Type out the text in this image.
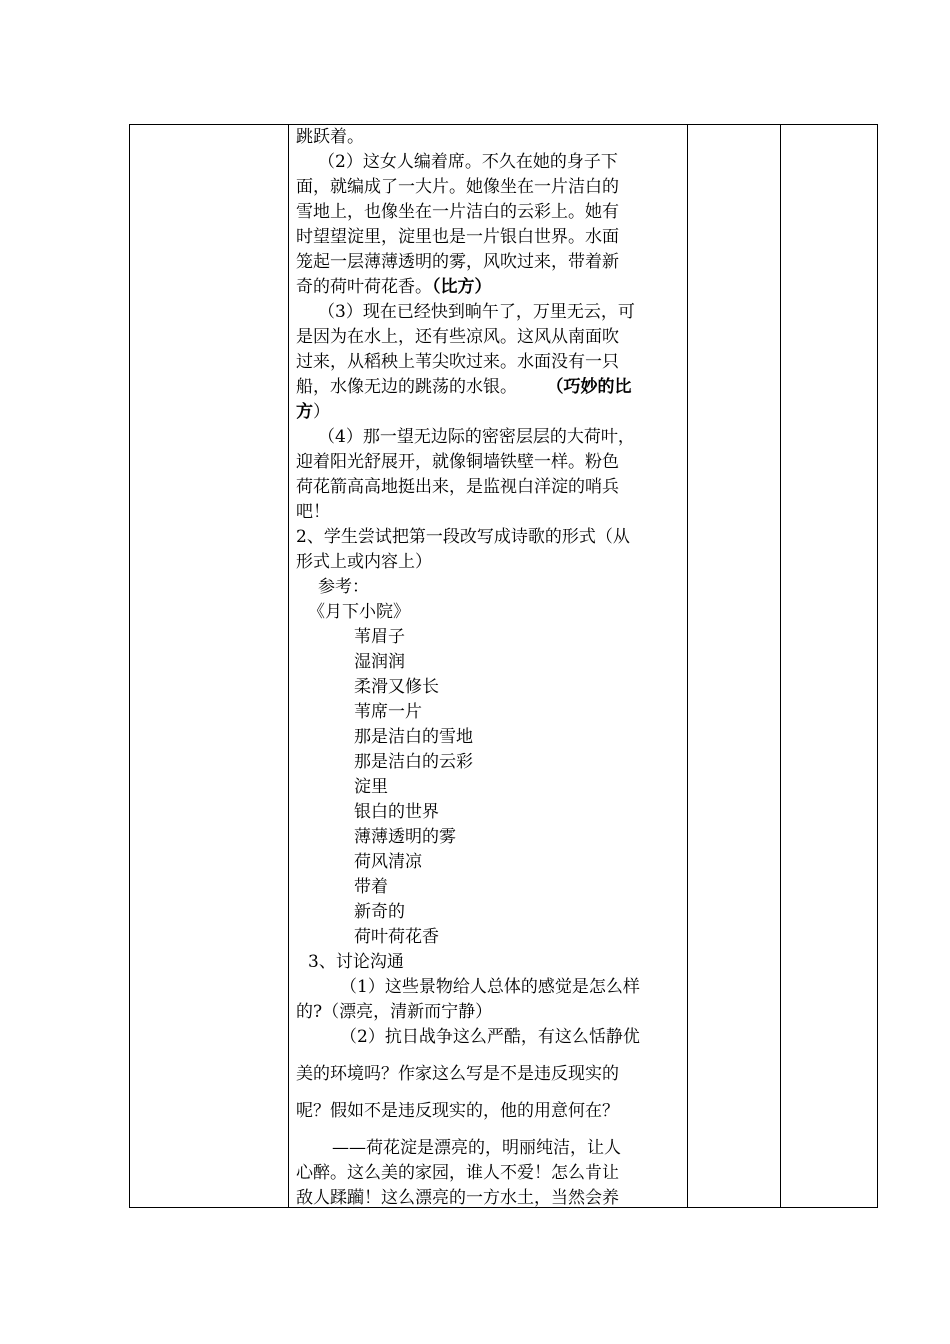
跳跃着。

（2）这女人编着席。不久在她的身子下

面，就编成了一大片。她像坐在一片洁白的

雪地上，也像坐在一片洁白的云彩上。她有

时望望淀里，淀里也是一片银白世界。水面

笼起一层薄薄透明的雾，风吹过来，带着新

奇的荷叶荷花香。（比方）

（3）现在已经快到晌午了，万里无云，可

是因为在水上，还有些凉风。这风从南面吹

过来，从稻秧上苇尖吹过来。水面没有一只

船，水像无边的跳荡的水银。 （巧妙的比

方）

（4）那一望无边际的密密层层的大荷叶，

迎着阳光舒展开，就像铜墙铁壁一样。粉色

荷花箭高高地挺出来，是监视白洋淀的哨兵

吧！

2、学生尝试把第一段改写成诗歌的形式（从

形式上或内容上）

参考：

《月下小院》

苇眉子

湿润润

柔滑又修长

苇席一片

那是洁白的雪地

那是洁白的云彩

淀里

银白的世界

薄薄透明的雾

荷风清凉

带着

新奇的

荷叶荷花香

3、讨论沟通

（1）这些景物给人总体的感觉是怎么样

的?（漂亮，清新而宁静）

（2）抗日战争这么严酷，有这么恬静优

美的环境吗？作家这么写是不是违反现实的

呢？假如不是违反现实的，他的用意何在？

——荷花淀是漂亮的，明丽纯洁，让人

心醉。这么美的家园，谁人不爱！怎么肯让

敌人蹂躏！这么漂亮的一方水土，当然会养
